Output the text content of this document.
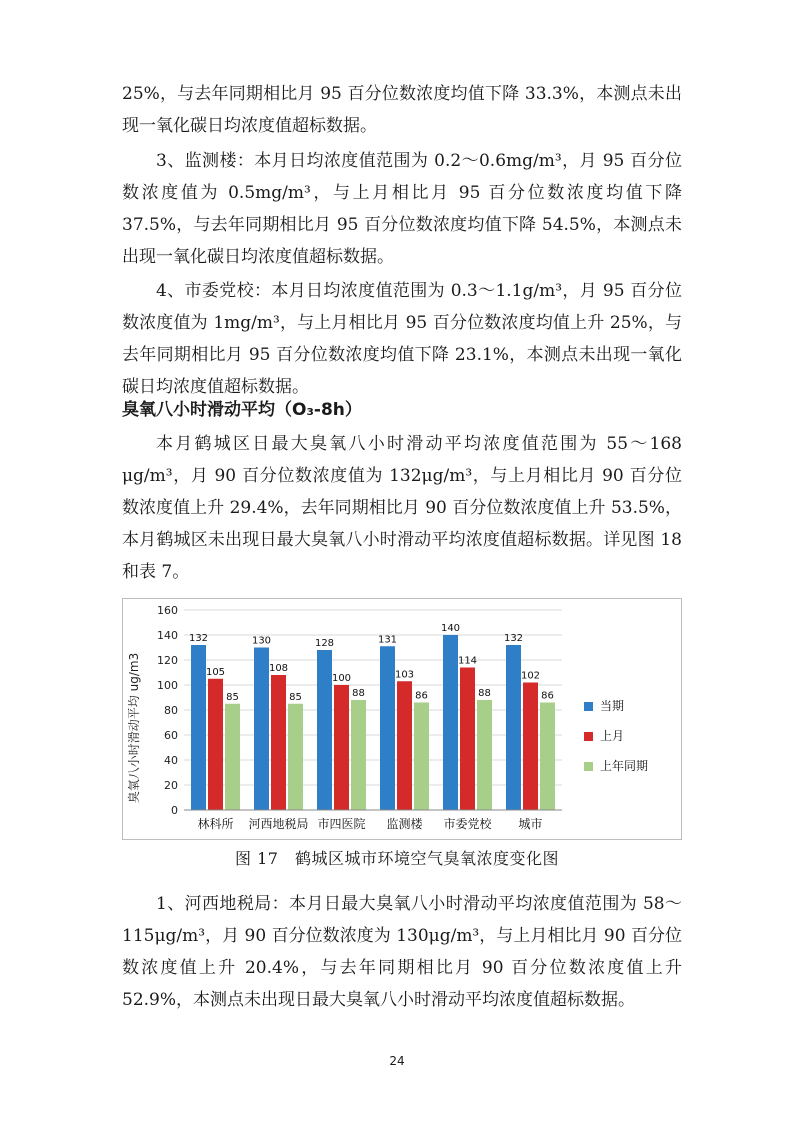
25%，与去年同期相比月 95 百分位数浓度均值下降 33.3%，本测点未出现一氧化碳日均浓度值超标数据。

3、监测楼：本月日均浓度值范围为 0.2～0.6mg/m³，月 95 百分位数浓度值为 0.5mg/m³，与上月相比月 95 百分位数浓度均值下降 37.5%，与去年同期相比月 95 百分位数浓度均值下降 54.5%，本测点未出现一氧化碳日均浓度值超标数据。

4、市委党校：本月日均浓度值范围为 0.3～1.1g/m³，月 95 百分位数浓度值为 1mg/m³，与上月相比月 95 百分位数浓度均值上升 25%，与去年同期相比月 95 百分位数浓度均值下降 23.1%，本测点未出现一氧化碳日均浓度值超标数据。

臭氧八小时滑动平均（O₃-8h）

本月鹤城区日最大臭氧八小时滑动平均浓度值范围为 55～168 μg/m³，月 90 百分位数浓度值为 132μg/m³，与上月相比月 90 百分位数浓度值上升 29.4%，去年同期相比月 90 百分位数浓度值上升 53.5%，本月鹤城区未出现日最大臭氧八小时滑动平均浓度值超标数据。详见图 18 和表 7。

臭氧八小时滑动平均 ug/m3
132
105
85
130
108
85
128
100
88
131
103
86
140
114
88
132
102
86
0
20
40
60
80
100
120
140
160
林科所 河西地税局 市四医院 监测楼 市委党校 城市
当期
上月
上年同期
图 17　鹤城区城市环境空气臭氧浓度变化图

1、河西地税局：本月日最大臭氧八小时滑动平均浓度值范围为 58～115μg/m³，月 90 百分位数浓度为 130μg/m³，与上月相比月 90 百分位数浓度值上升 20.4%，与去年同期相比月 90 百分位数浓度值上升 52.9%，本测点未出现日最大臭氧八小时滑动平均浓度值超标数据。

24
